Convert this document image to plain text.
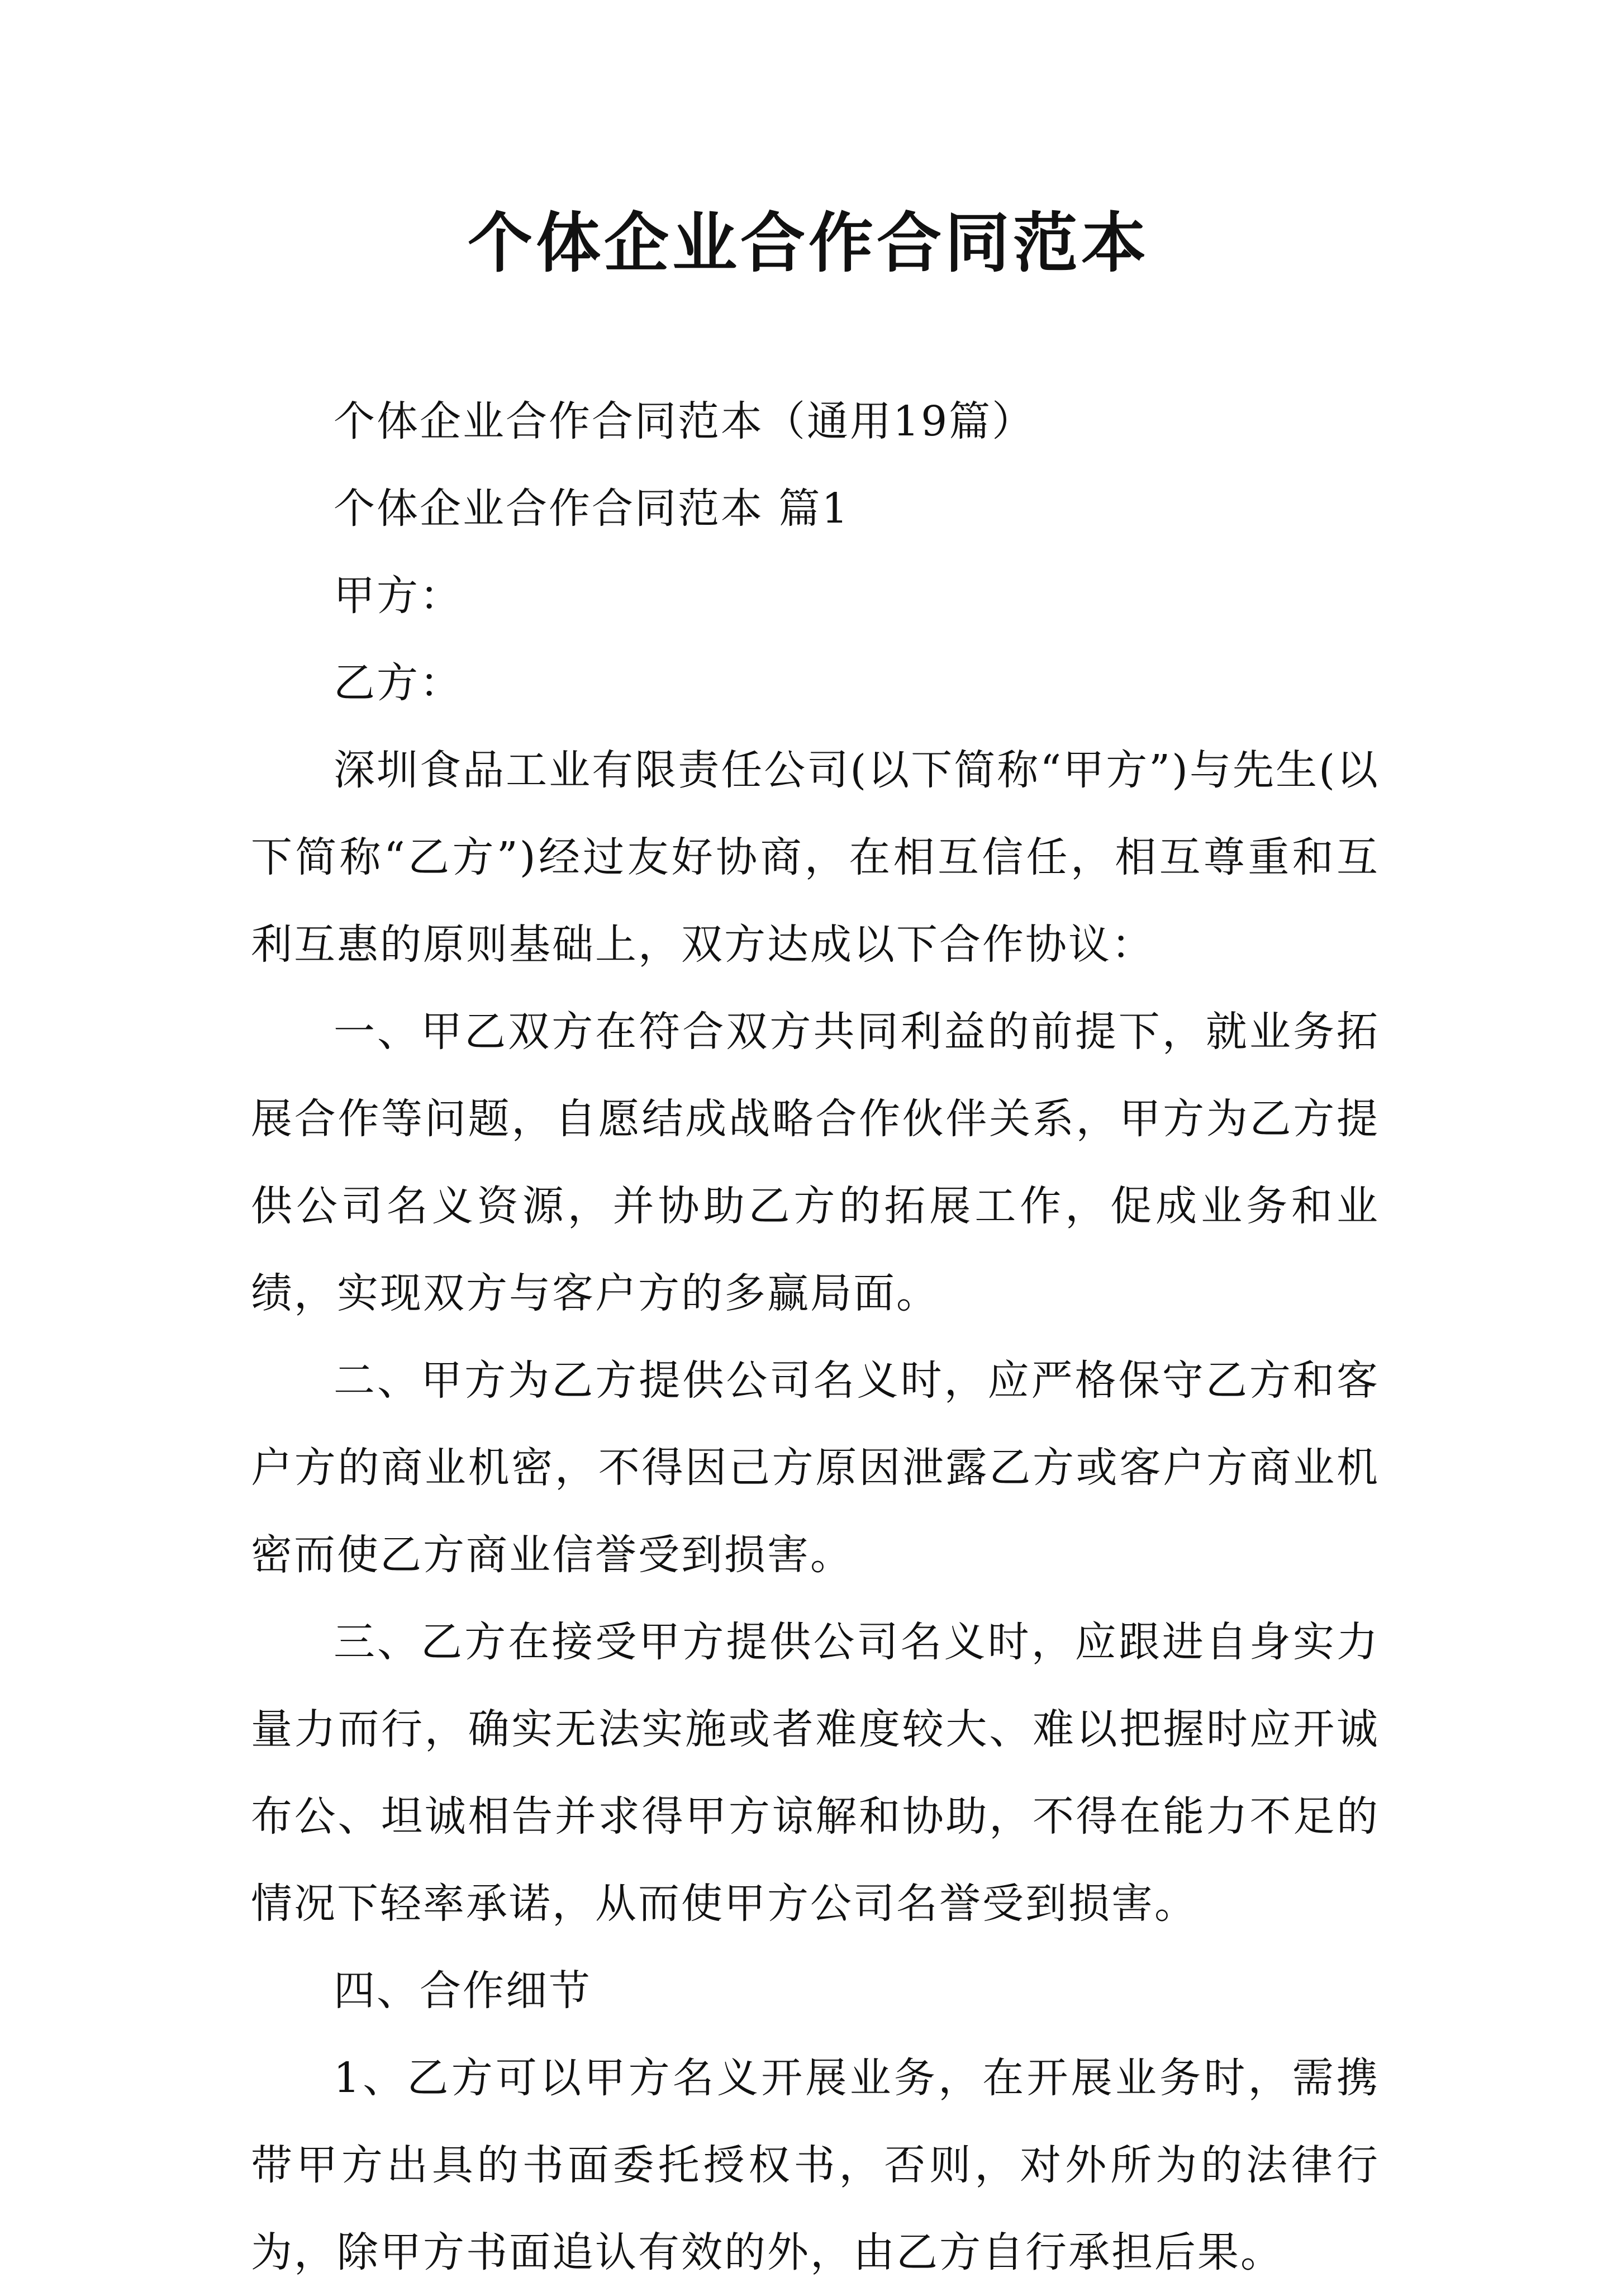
个体企业合作合同范本

个体企业合作合同范本（通用19篇）

个体企业合作合同范本 篇1

甲方：

乙方：

深圳食品工业有限责任公司(以下简称“甲方”)与先生(以下简称“乙方”)经过友好协商，在相互信任，相互尊重和互利互惠的原则基础上，双方达成以下合作协议：

一、甲乙双方在符合双方共同利益的前提下，就业务拓展合作等问题，自愿结成战略合作伙伴关系，甲方为乙方提供公司名义资源，并协助乙方的拓展工作，促成业务和业绩，实现双方与客户方的多赢局面。

二、甲方为乙方提供公司名义时，应严格保守乙方和客户方的商业机密，不得因己方原因泄露乙方或客户方商业机密而使乙方商业信誉受到损害。

三、乙方在接受甲方提供公司名义时，应跟进自身实力量力而行，确实无法实施或者难度较大、难以把握时应开诚布公、坦诚相告并求得甲方谅解和协助，不得在能力不足的情况下轻率承诺，从而使甲方公司名誉受到损害。

四、合作细节

1、乙方可以甲方名义开展业务，在开展业务时，需携带甲方出具的书面委托授权书，否则，对外所为的法律行为，除甲方书面追认有效的外，由乙方自行承担后果。
